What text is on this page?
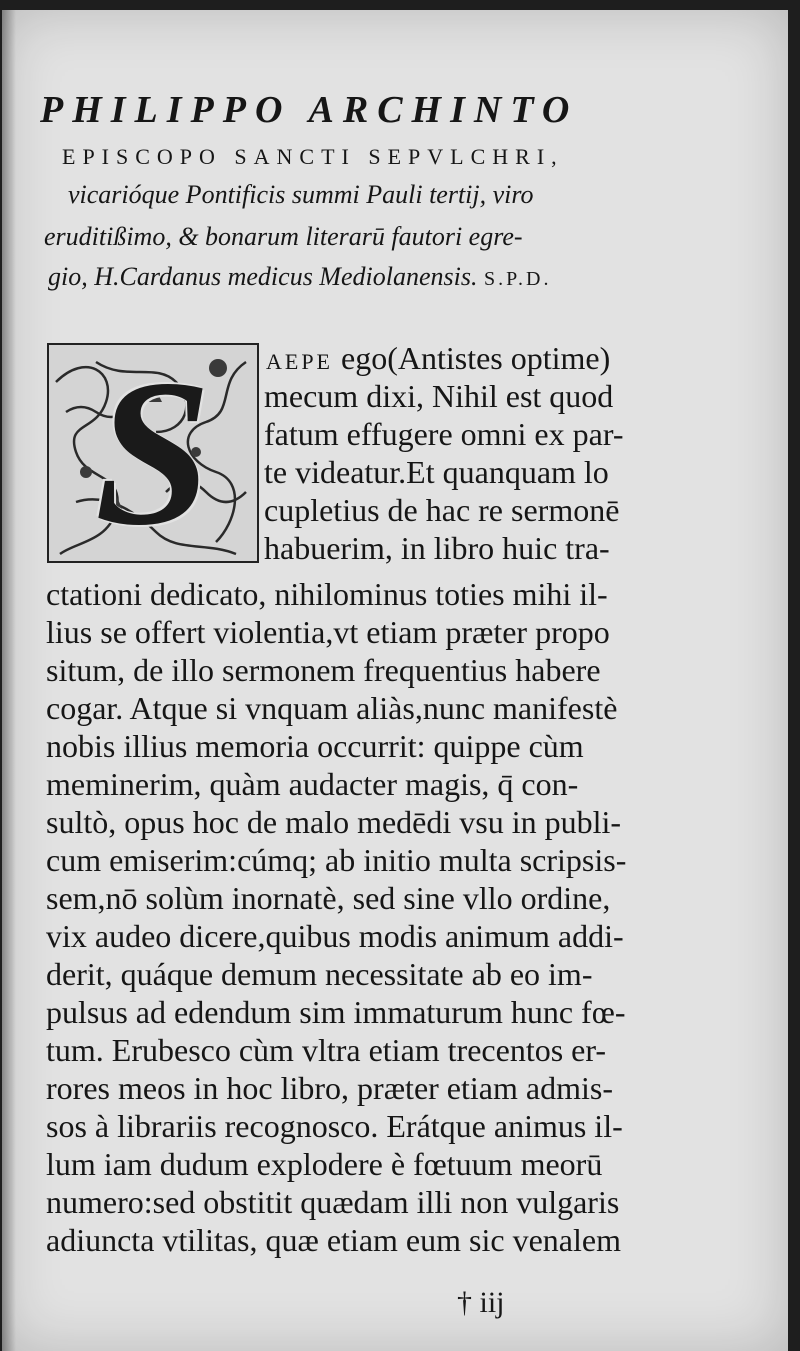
PHILIPPO ARCHINTO
EPISCOPO SANCTI SEPVLCHRI,
vicarióque Pontificis summi Pauli tertij, viro
eruditißimo, & bonarum literarū fautori egre-
gio, H.Cardanus medicus Mediolanensis. S.P.D.
S	AEPE ego(Antistes optime)
mecum dixi, Nihil est quod
fatum effugere omni ex par-
te videatur.Et quanquam lo
cupletius de hac re sermonē
habuerim, in libro huic tra-
ctationi dedicato, nihilominus toties mihi il-
lius se offert violentia,vt etiam præter propo
situm, de illo sermonem frequentius habere
cogar. Atque si vnquam aliàs,nunc manifestè
nobis illius memoria occurrit: quippe cùm
meminerim, quàm audacter magis, q̄ con-
sultò, opus hoc de malo medēdi vsu in publi-
cum emiserim:cúmq; ab initio multa scripsis-
sem,nō solùm inornatè, sed sine vllo ordine,
vix audeo dicere,quibus modis animum addi-
derit, quáque demum necessitate ab eo im-
pulsus ad edendum sim immaturum hunc fœ-
tum. Erubesco cùm vltra etiam trecentos er-
rores meos in hoc libro, præter etiam admis-
sos à librariis recognosco. Erátque animus il-
lum iam dudum explodere è fœtuum meorū
numero:sed obstitit quædam illi non vulgaris
adiuncta vtilitas, quæ etiam eum sic venalem
† iij
